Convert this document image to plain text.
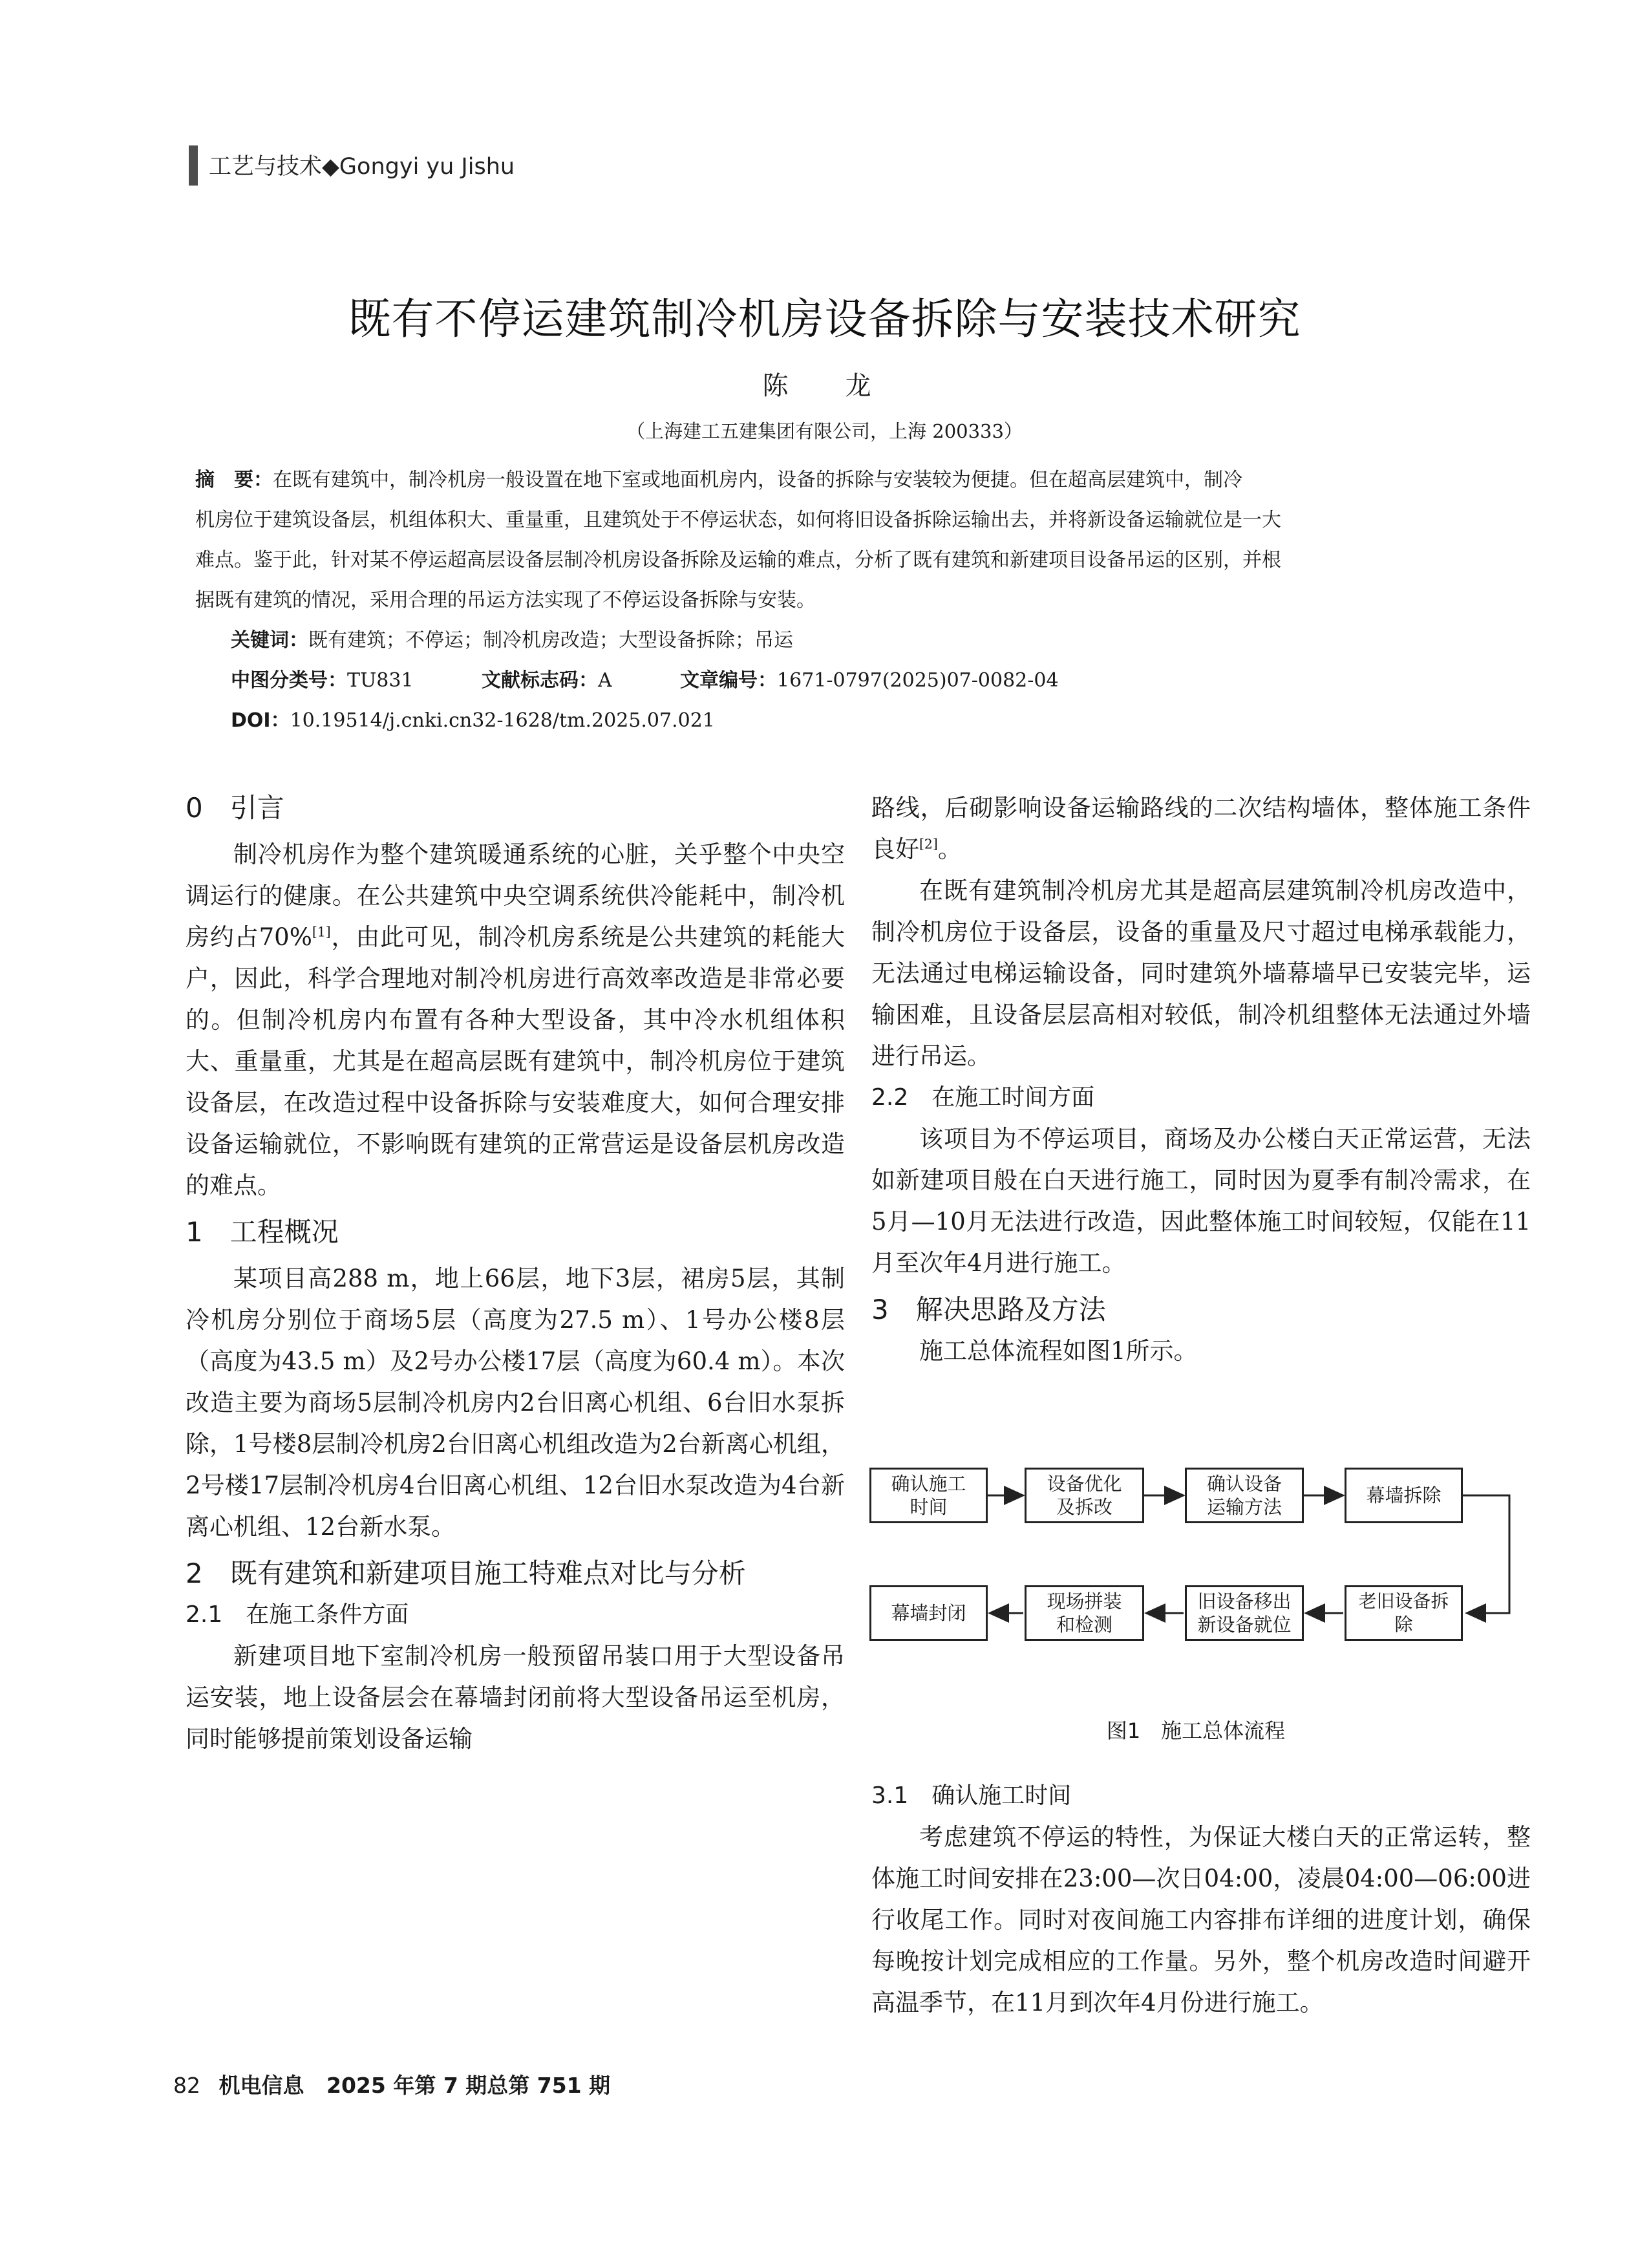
工艺与技术◆Gongyi yu Jishu
既有不停运建筑制冷机房设备拆除与安装技术研究
陈　龙
（上海建工五建集团有限公司，上海 200333）
摘　要：在既有建筑中，制冷机房一般设置在地下室或地面机房内，设备的拆除与安装较为便捷。但在超高层建筑中，制冷
机房位于建筑设备层，机组体积大、重量重，且建筑处于不停运状态，如何将旧设备拆除运输出去，并将新设备运输就位是一大
难点。鉴于此，针对某不停运超高层设备层制冷机房设备拆除及运输的难点，分析了既有建筑和新建项目设备吊运的区别，并根
据既有建筑的情况，采用合理的吊运方法实现了不停运设备拆除与安装。
关键词：既有建筑；不停运；制冷机房改造；大型设备拆除；吊运
中图分类号：TU831	文献标志码：A	文章编号：1671-0797(2025)07-0082-04
DOI：10.19514/j.cnki.cn32-1628/tm.2025.07.021

0　引言

制冷机房作为整个建筑暖通系统的心脏，关乎整个中央空调运行的健康。在公共建筑中央空调系统供冷能耗中，制冷机房约占70%[1]，由此可见，制冷机房系统是公共建筑的耗能大户，因此，科学合理地对制冷机房进行高效率改造是非常必要的。但制冷机房内布置有各种大型设备，其中冷水机组体积大、重量重，尤其是在超高层既有建筑中，制冷机房位于建筑设备层，在改造过程中设备拆除与安装难度大，如何合理安排设备运输就位，不影响既有建筑的正常营运是设备层机房改造的难点。

1　工程概况

某项目高288 m，地上66层，地下3层，裙房5层，其制冷机房分别位于商场5层（高度为27.5 m）、1号办公楼8层（高度为43.5 m）及2号办公楼17层（高度为60.4 m）。本次改造主要为商场5层制冷机房内2台旧离心机组、6台旧水泵拆除，1号楼8层制冷机房2台旧离心机组改造为2台新离心机组，2号楼17层制冷机房4台旧离心机组、12台旧水泵改造为4台新离心机组、12台新水泵。

2　既有建筑和新建项目施工特难点对比与分析

2.1　在施工条件方面

新建项目地下室制冷机房一般预留吊装口用于大型设备吊运安装，地上设备层会在幕墙封闭前将大型设备吊运至机房，同时能够提前策划设备运输

路线，后砌影响设备运输路线的二次结构墙体，整体施工条件良好[2]。

在既有建筑制冷机房尤其是超高层建筑制冷机房改造中，制冷机房位于设备层，设备的重量及尺寸超过电梯承载能力，无法通过电梯运输设备，同时建筑外墙幕墙早已安装完毕，运输困难，且设备层层高相对较低，制冷机组整体无法通过外墙进行吊运。

2.2　在施工时间方面

该项目为不停运项目，商场及办公楼白天正常运营，无法如新建项目般在白天进行施工，同时因为夏季有制冷需求，在5月—10月无法进行改造，因此整体施工时间较短，仅能在11月至次年4月进行施工。

3　解决思路及方法

施工总体流程如图1所示。

确认施工
时间
设备优化
及拆改
确认设备
运输方法
幕墙拆除
幕墙封闭
现场拼装
和检测
旧设备移出
新设备就位
老旧设备拆除
图1　施工总体流程

3.1　确认施工时间

考虑建筑不停运的特性，为保证大楼白天的正常运转，整体施工时间安排在23:00—次日04:00，凌晨04:00—06:00进行收尾工作。同时对夜间施工内容排布详细的进度计划，确保每晚按计划完成相应的工作量。另外，整个机房改造时间避开高温季节，在11月到次年4月份进行施工。

82 机电信息 2025 年第 7 期总第 751 期
